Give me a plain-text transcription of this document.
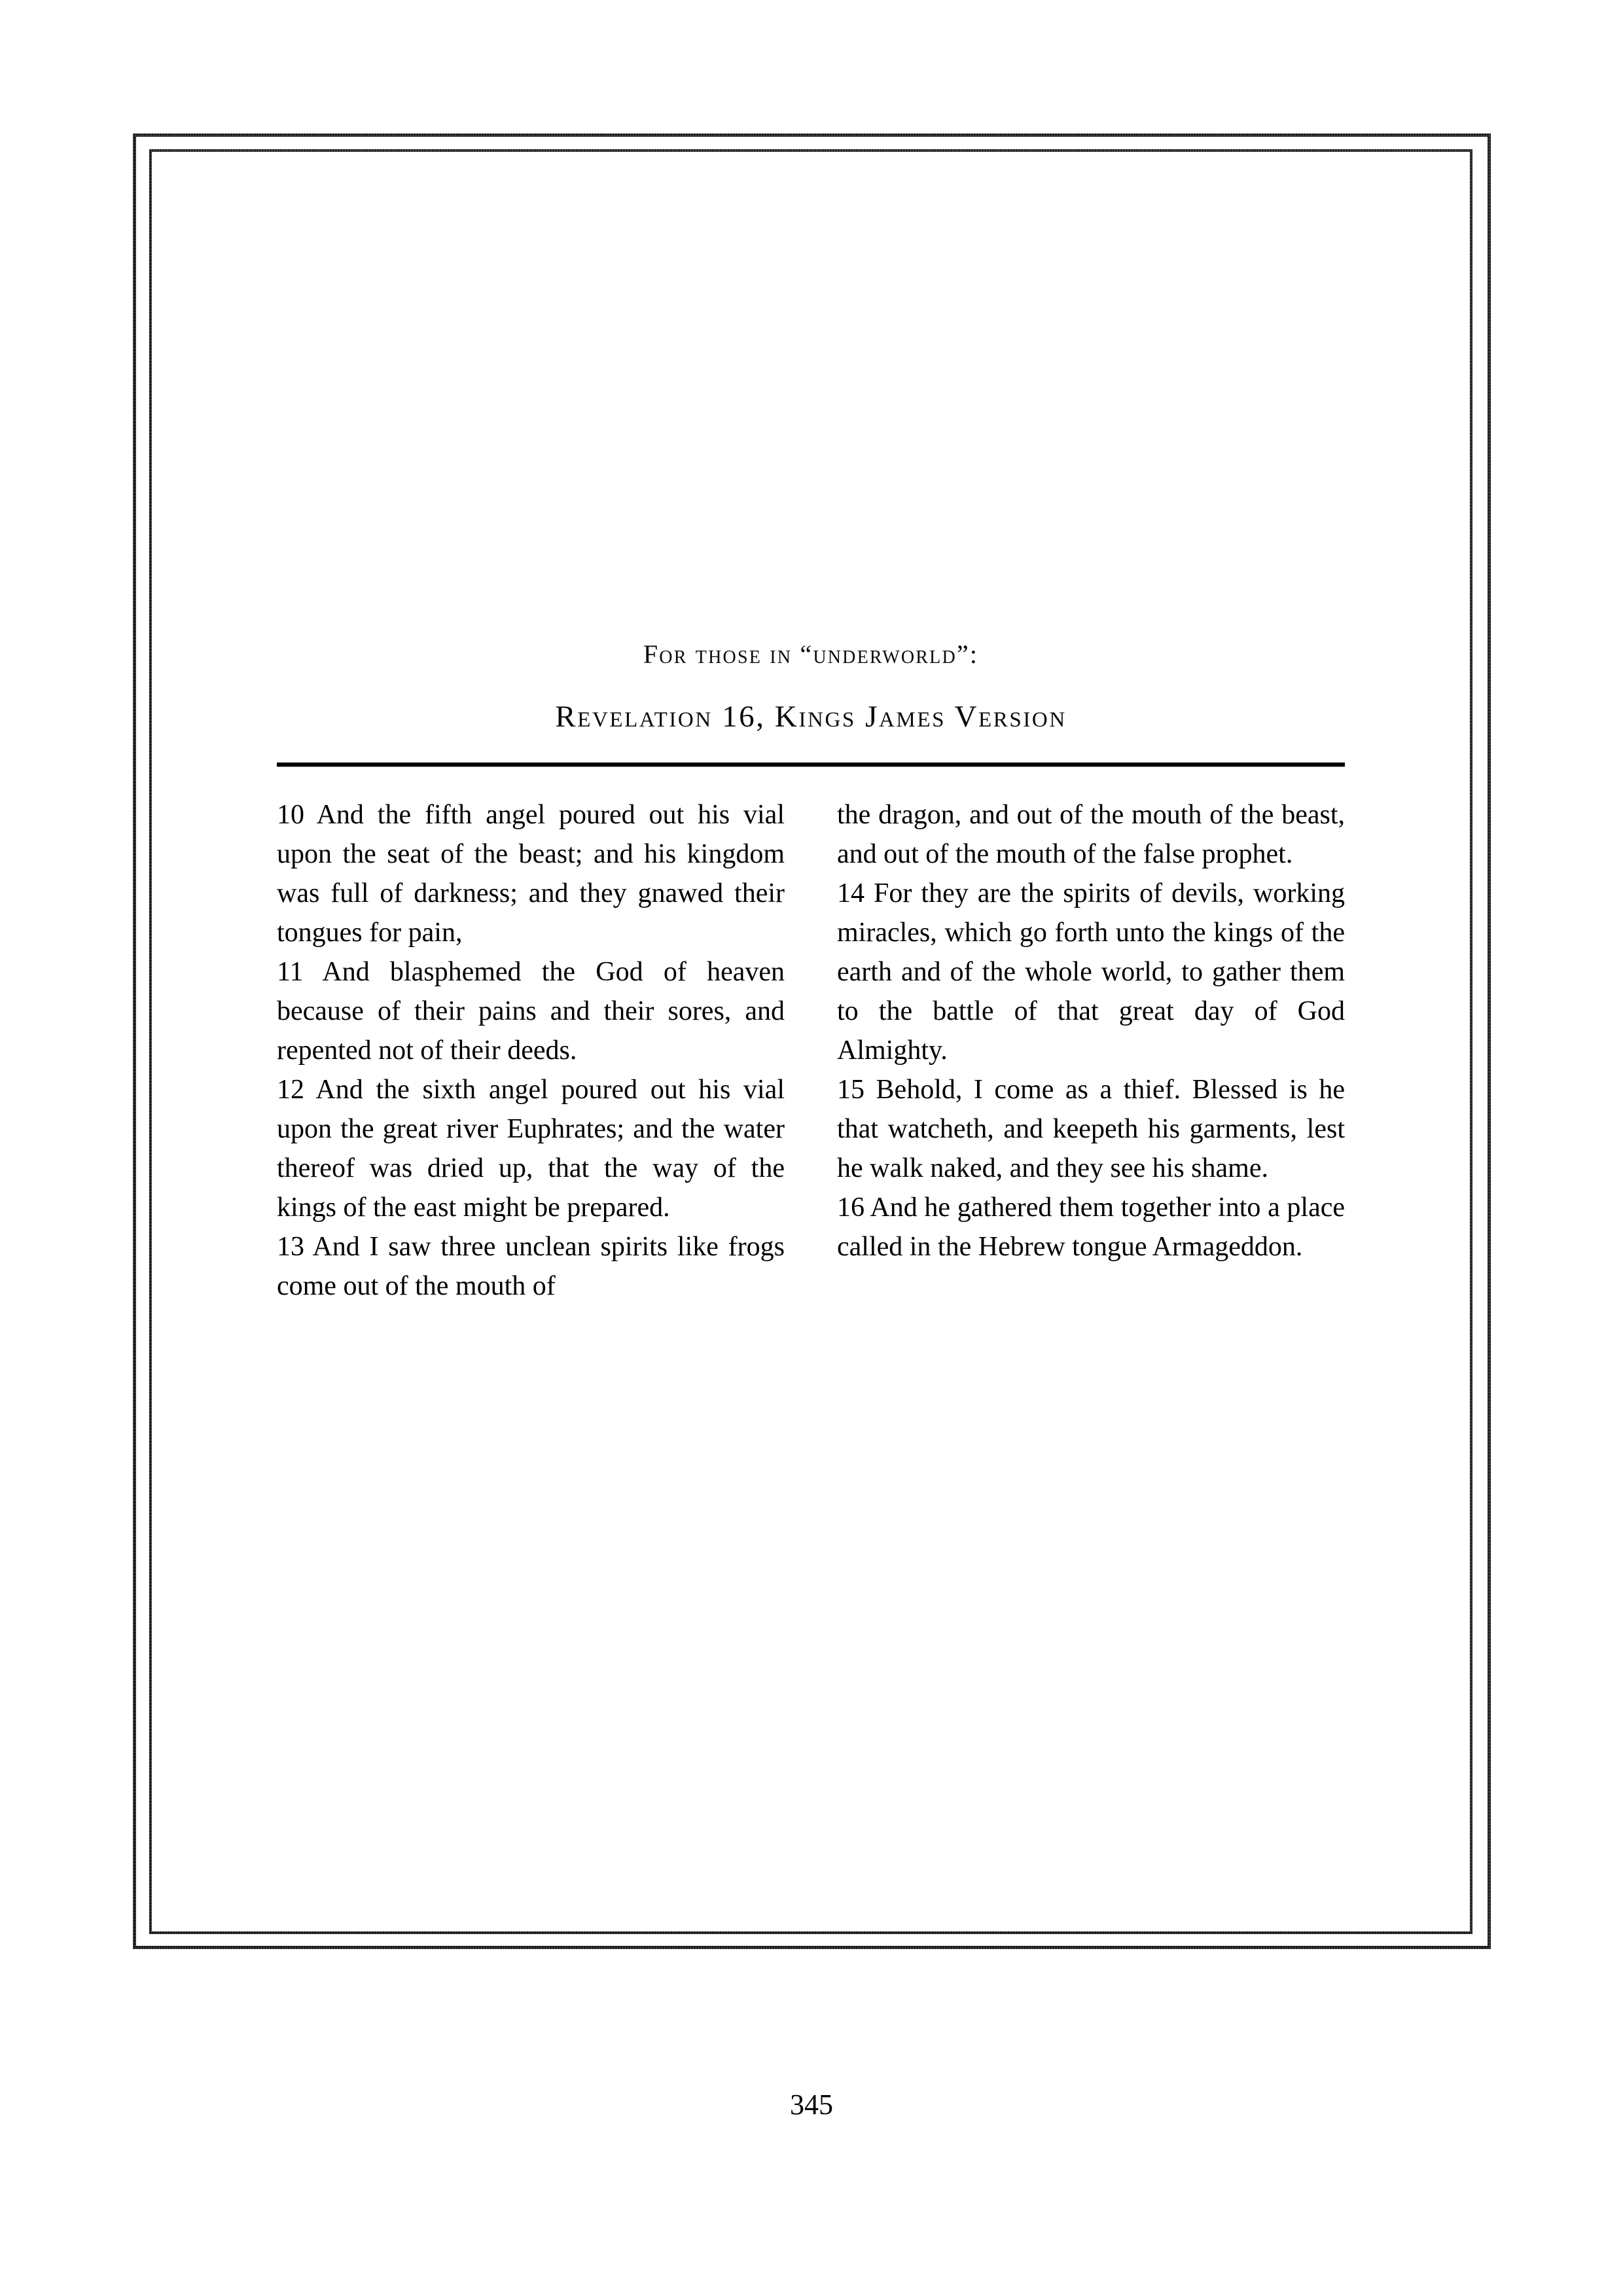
For those in “underworld”:
Revelation 16, Kings James Version

10 And the fifth angel poured out his vial upon the seat of the beast; and his kingdom was full of darkness; and they gnawed their tongues for pain,

11 And blasphemed the God of heaven because of their pains and their sores, and repented not of their deeds.

12 And the sixth angel poured out his vial upon the great river Euphrates; and the water thereof was dried up, that the way of the kings of the east might be prepared.

13 And I saw three unclean spirits like frogs come out of the mouth of

the dragon, and out of the mouth of the beast, and out of the mouth of the false prophet.

14 For they are the spirits of devils, working miracles, which go forth unto the kings of the earth and of the whole world, to gather them to the battle of that great day of God Almighty.

15 Behold, I come as a thief. Blessed is he that watcheth, and keepeth his garments, lest he walk naked, and they see his shame.

16 And he gathered them together into a place called in the Hebrew tongue Armageddon.

345
